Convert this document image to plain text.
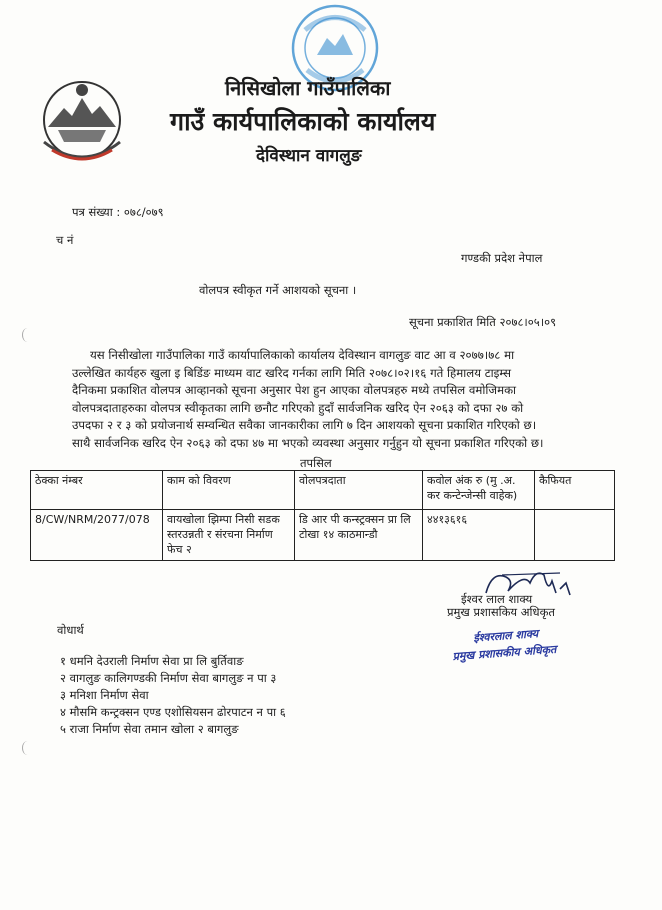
निसिखोला गाउँपालिका
गाउँ कार्यपालिकाको कार्यालय
देविस्थान वागलुङ
पत्र संख्या : ०७८/०७९
च नं
गण्डकी प्रदेश नेपाल
वोलपत्र स्वीकृत गर्ने आशयको सूचना ।
सूचना प्रकाशित मिति २०७८।०५।०९

यस निसीखोला गाउँपालिका गाउँ कार्यापालिकाको कार्यालय देविस्थान वागलुङ वाट आ व २०७७।७८ मा

उल्लेखित कार्यहरु खुला इ बिडिंङ माध्यम वाट खरिद गर्नका लागि मिति २०७८।०२।१६ गते हिमालय टाइम्स

दैनिकमा प्रकाशित वोलपत्र आव्हानको सूचना अनुसार पेश हुन आएका वोलपत्रहरु मध्ये तपसिल वमोजिमका

वोलपत्रदाताहरुका वोलपत्र स्वीकृतका लागि छनौट गरिएको हुदाँ सार्वजनिक खरिद ऐन २०६३ को दफा २७ को

उपदफा २ र ३ को प्रयोजनार्थ सम्वन्धित सवैका जानकारीका लागि ७ दिन आशयको सूचना प्रकाशित गरिएको छ।

साथै सार्वजनिक खरिद ऐन २०६३ को दफा ४७ मा भएको व्यवस्था अनुसार गर्नुहुन यो सूचना प्रकाशित गरिएको छ।

तपसिल
ठेक्का नंम्बर	काम को विवरण	वोलपत्रदाता	कवोल अंक रु (मु .अ. कर कन्टेन्जेन्सी वाहेक)	कैफियत
8/CW/NRM/2077/078	वायखोला झिम्पा निसी सडक स्तरउन्नती र संरचना निर्माण फेच २	डि आर पी कन्स्ट्रक्सन प्रा लि टोखा १४ काठमान्डौ	४४१३६१६	
ईश्वर लाल शाक्य
प्रमुख प्रशासकिय अधिकृत
ईश्वरलाल शाक्य
प्रमुख प्रशासकीय अधिकृत
वोधार्थ
१ धमनि देउराली निर्माण सेवा प्रा लि बुर्तिवाङ
२ वागलुङ कालिगण्डकी निर्माण सेवा बागलुङ न पा ३
३ मनिशा निर्माण सेवा
४ मौसमि कन्ट्रक्सन एण्ड एशोसियसन ढोरपाटन न पा ६
५ राजा निर्माण सेवा तमान खोला २ बागलुङ
